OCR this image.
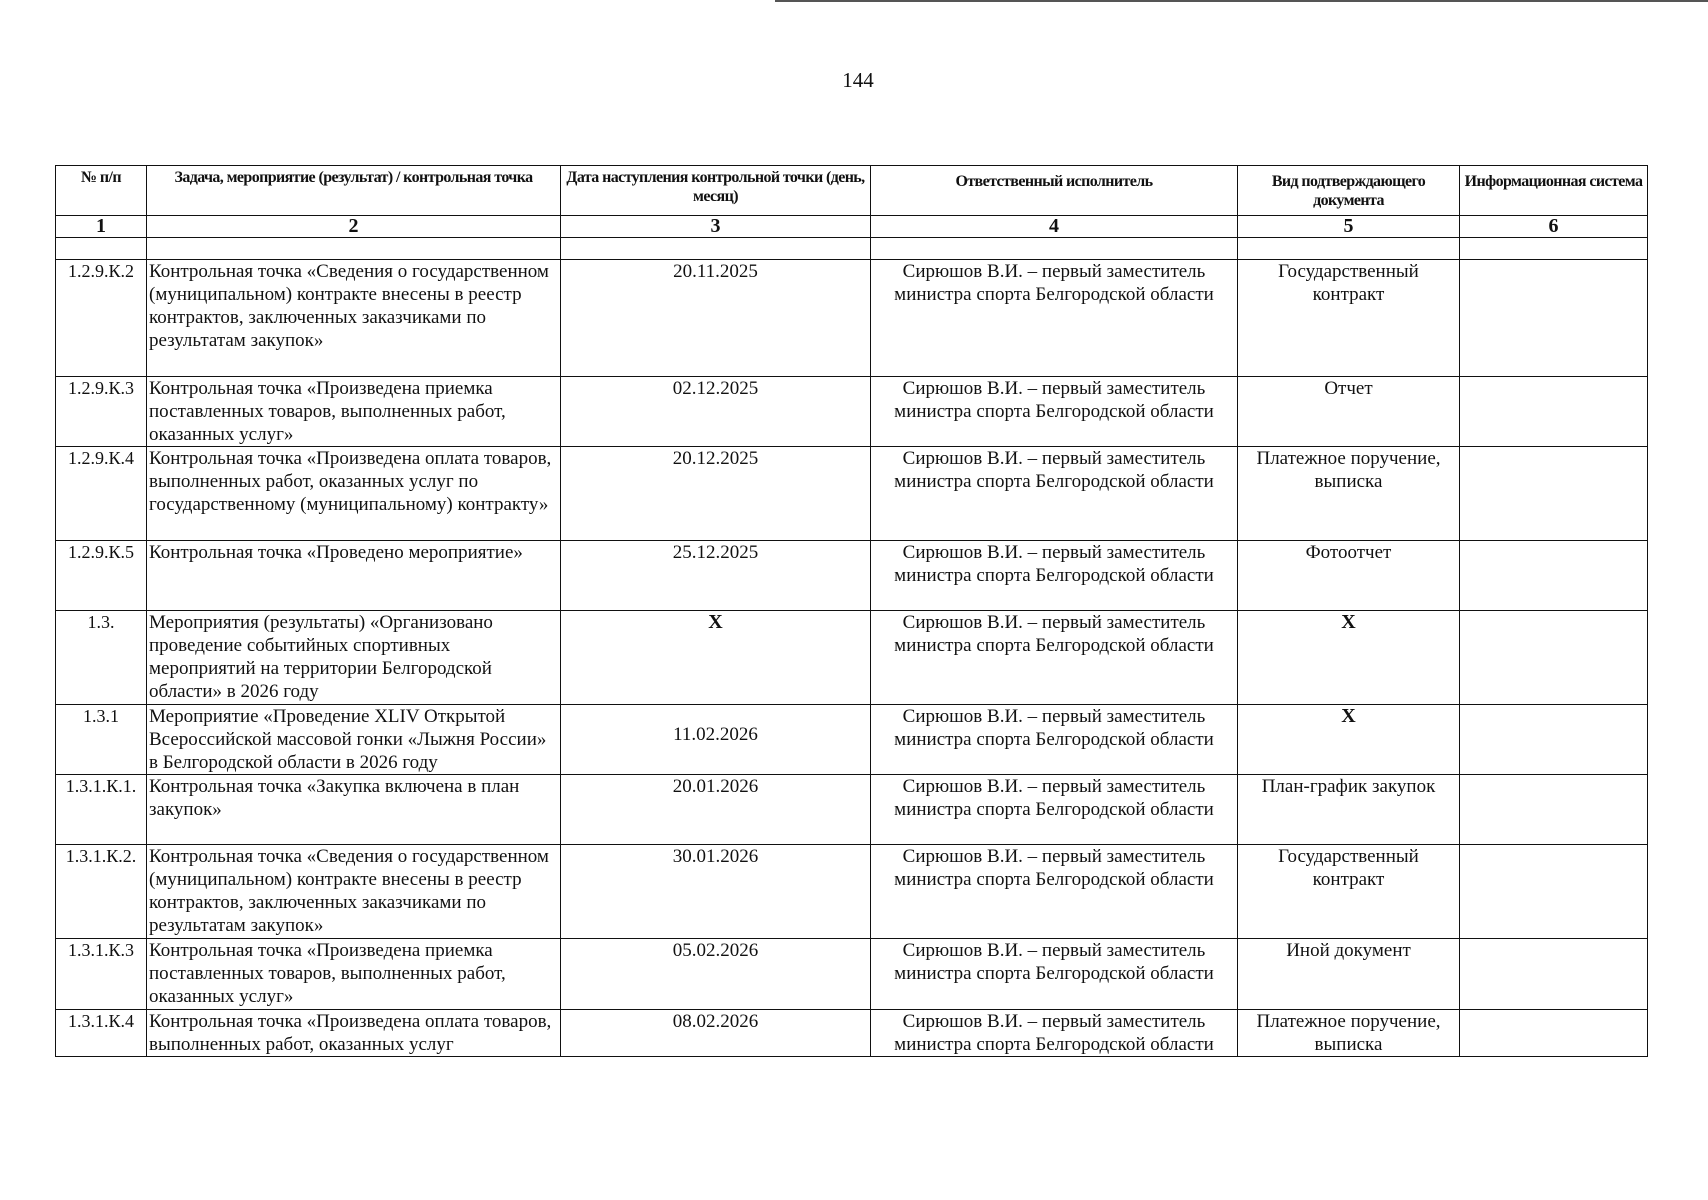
144
№ п/п	Задача, мероприятие (результат) / контрольная точка	Дата наступления контрольной точки (день, месяц)	Ответственный исполнитель	Вид подтверждающего документа	Информационная система
1	2	3	4	5	6

1.2.9.К.2	Контрольная точка «Сведения о государственном (муниципальном) контракте внесены в реестр контрактов, заключенных заказчиками по результатам закупок»	20.11.2025	Сирюшов В.И. – первый заместитель министра спорта Белгородской области	Государственный контракт	
1.2.9.К.3	Контрольная точка «Произведена приемка поставленных товаров, выполненных работ, оказанных услуг»	02.12.2025	Сирюшов В.И. – первый заместитель министра спорта Белгородской области	Отчет	
1.2.9.К.4	Контрольная точка «Произведена оплата товаров, выполненных работ, оказанных услуг по государственному (муниципальному) контракту»	20.12.2025	Сирюшов В.И. – первый заместитель министра спорта Белгородской области	Платежное поручение, выписка	
1.2.9.К.5	Контрольная точка «Проведено мероприятие»	25.12.2025	Сирюшов В.И. – первый заместитель министра спорта Белгородской области	Фотоотчет	
1.3.	Мероприятия (результаты) «Организовано проведение событийных спортивных мероприятий на территории Белгородской области» в 2026 году	X	Сирюшов В.И. – первый заместитель министра спорта Белгородской области	X	
1.3.1	Мероприятие «Проведение XLIV Открытой Всероссийской массовой гонки «Лыжня России» в Белгородской области в 2026 году	11.02.2026	Сирюшов В.И. – первый заместитель министра спорта Белгородской области	X	
1.3.1.К.1.	Контрольная точка «Закупка включена в план закупок»	20.01.2026	Сирюшов В.И. – первый заместитель министра спорта Белгородской области	План-график закупок	
1.3.1.К.2.	Контрольная точка «Сведения о государственном (муниципальном) контракте внесены в реестр контрактов, заключенных заказчиками по результатам закупок»	30.01.2026	Сирюшов В.И. – первый заместитель министра спорта Белгородской области	Государственный контракт	
1.3.1.К.3	Контрольная точка «Произведена приемка поставленных товаров, выполненных работ, оказанных услуг»	05.02.2026	Сирюшов В.И. – первый заместитель министра спорта Белгородской области	Иной документ	
1.3.1.К.4	Контрольная точка «Произведена оплата товаров, выполненных работ, оказанных услуг	08.02.2026	Сирюшов В.И. – первый заместитель министра спорта Белгородской области	Платежное поручение, выписка	
